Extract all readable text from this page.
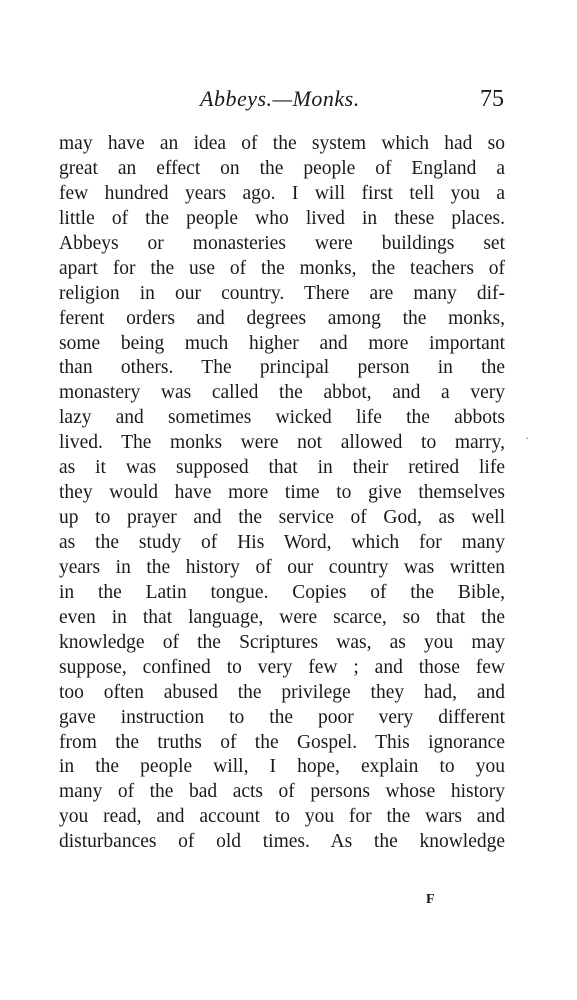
Abbeys.—Monks.	75
may have an idea of the system which had so
great an effect on the people of England a
few hundred years ago. I will first tell you a
little of the people who lived in these places.
Abbeys or monasteries were buildings set
apart for the use of the monks, the teachers of
religion in our country. There are many dif-
ferent orders and degrees among the monks,
some being much higher and more important
than others. The principal person in the
monastery was called the abbot, and a very
lazy and sometimes wicked life the abbots
lived. The monks were not allowed to marry,
as it was supposed that in their retired life
they would have more time to give themselves
up to prayer and the service of God, as well
as the study of His Word, which for many
years in the history of our country was written
in the Latin tongue. Copies of the Bible,
even in that language, were scarce, so that the
knowledge of the Scriptures was, as you may
suppose, confined to very few ; and those few
too often abused the privilege they had, and
gave instruction to the poor very different
from the truths of the Gospel. This ignorance
in the people will, I hope, explain to you
many of the bad acts of persons whose history
you read, and account to you for the wars and
disturbances of old times. As the knowledge
·
F
